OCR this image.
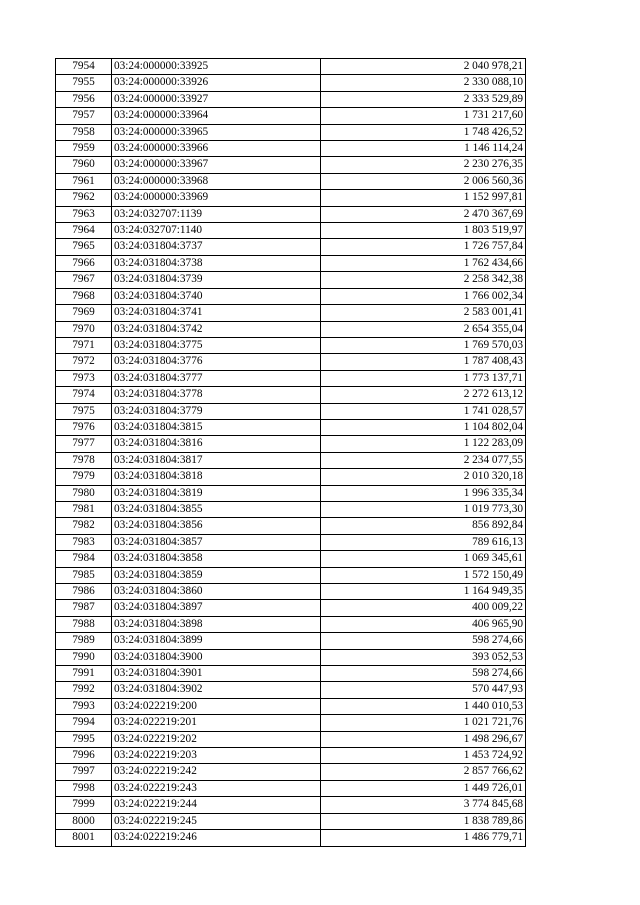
7954	03:24:000000:33925	2 040 978,21
7955	03:24:000000:33926	2 330 088,10
7956	03:24:000000:33927	2 333 529,89
7957	03:24:000000:33964	1 731 217,60
7958	03:24:000000:33965	1 748 426,52
7959	03:24:000000:33966	1 146 114,24
7960	03:24:000000:33967	2 230 276,35
7961	03:24:000000:33968	2 006 560,36
7962	03:24:000000:33969	1 152 997,81
7963	03:24:032707:1139	2 470 367,69
7964	03:24:032707:1140	1 803 519,97
7965	03:24:031804:3737	1 726 757,84
7966	03:24:031804:3738	1 762 434,66
7967	03:24:031804:3739	2 258 342,38
7968	03:24:031804:3740	1 766 002,34
7969	03:24:031804:3741	2 583 001,41
7970	03:24:031804:3742	2 654 355,04
7971	03:24:031804:3775	1 769 570,03
7972	03:24:031804:3776	1 787 408,43
7973	03:24:031804:3777	1 773 137,71
7974	03:24:031804:3778	2 272 613,12
7975	03:24:031804:3779	1 741 028,57
7976	03:24:031804:3815	1 104 802,04
7977	03:24:031804:3816	1 122 283,09
7978	03:24:031804:3817	2 234 077,55
7979	03:24:031804:3818	2 010 320,18
7980	03:24:031804:3819	1 996 335,34
7981	03:24:031804:3855	1 019 773,30
7982	03:24:031804:3856	856 892,84
7983	03:24:031804:3857	789 616,13
7984	03:24:031804:3858	1 069 345,61
7985	03:24:031804:3859	1 572 150,49
7986	03:24:031804:3860	1 164 949,35
7987	03:24:031804:3897	400 009,22
7988	03:24:031804:3898	406 965,90
7989	03:24:031804:3899	598 274,66
7990	03:24:031804:3900	393 052,53
7991	03:24:031804:3901	598 274,66
7992	03:24:031804:3902	570 447,93
7993	03:24:022219:200	1 440 010,53
7994	03:24:022219:201	1 021 721,76
7995	03:24:022219:202	1 498 296,67
7996	03:24:022219:203	1 453 724,92
7997	03:24:022219:242	2 857 766,62
7998	03:24:022219:243	1 449 726,01
7999	03:24:022219:244	3 774 845,68
8000	03:24:022219:245	1 838 789,86
8001	03:24:022219:246	1 486 779,71
